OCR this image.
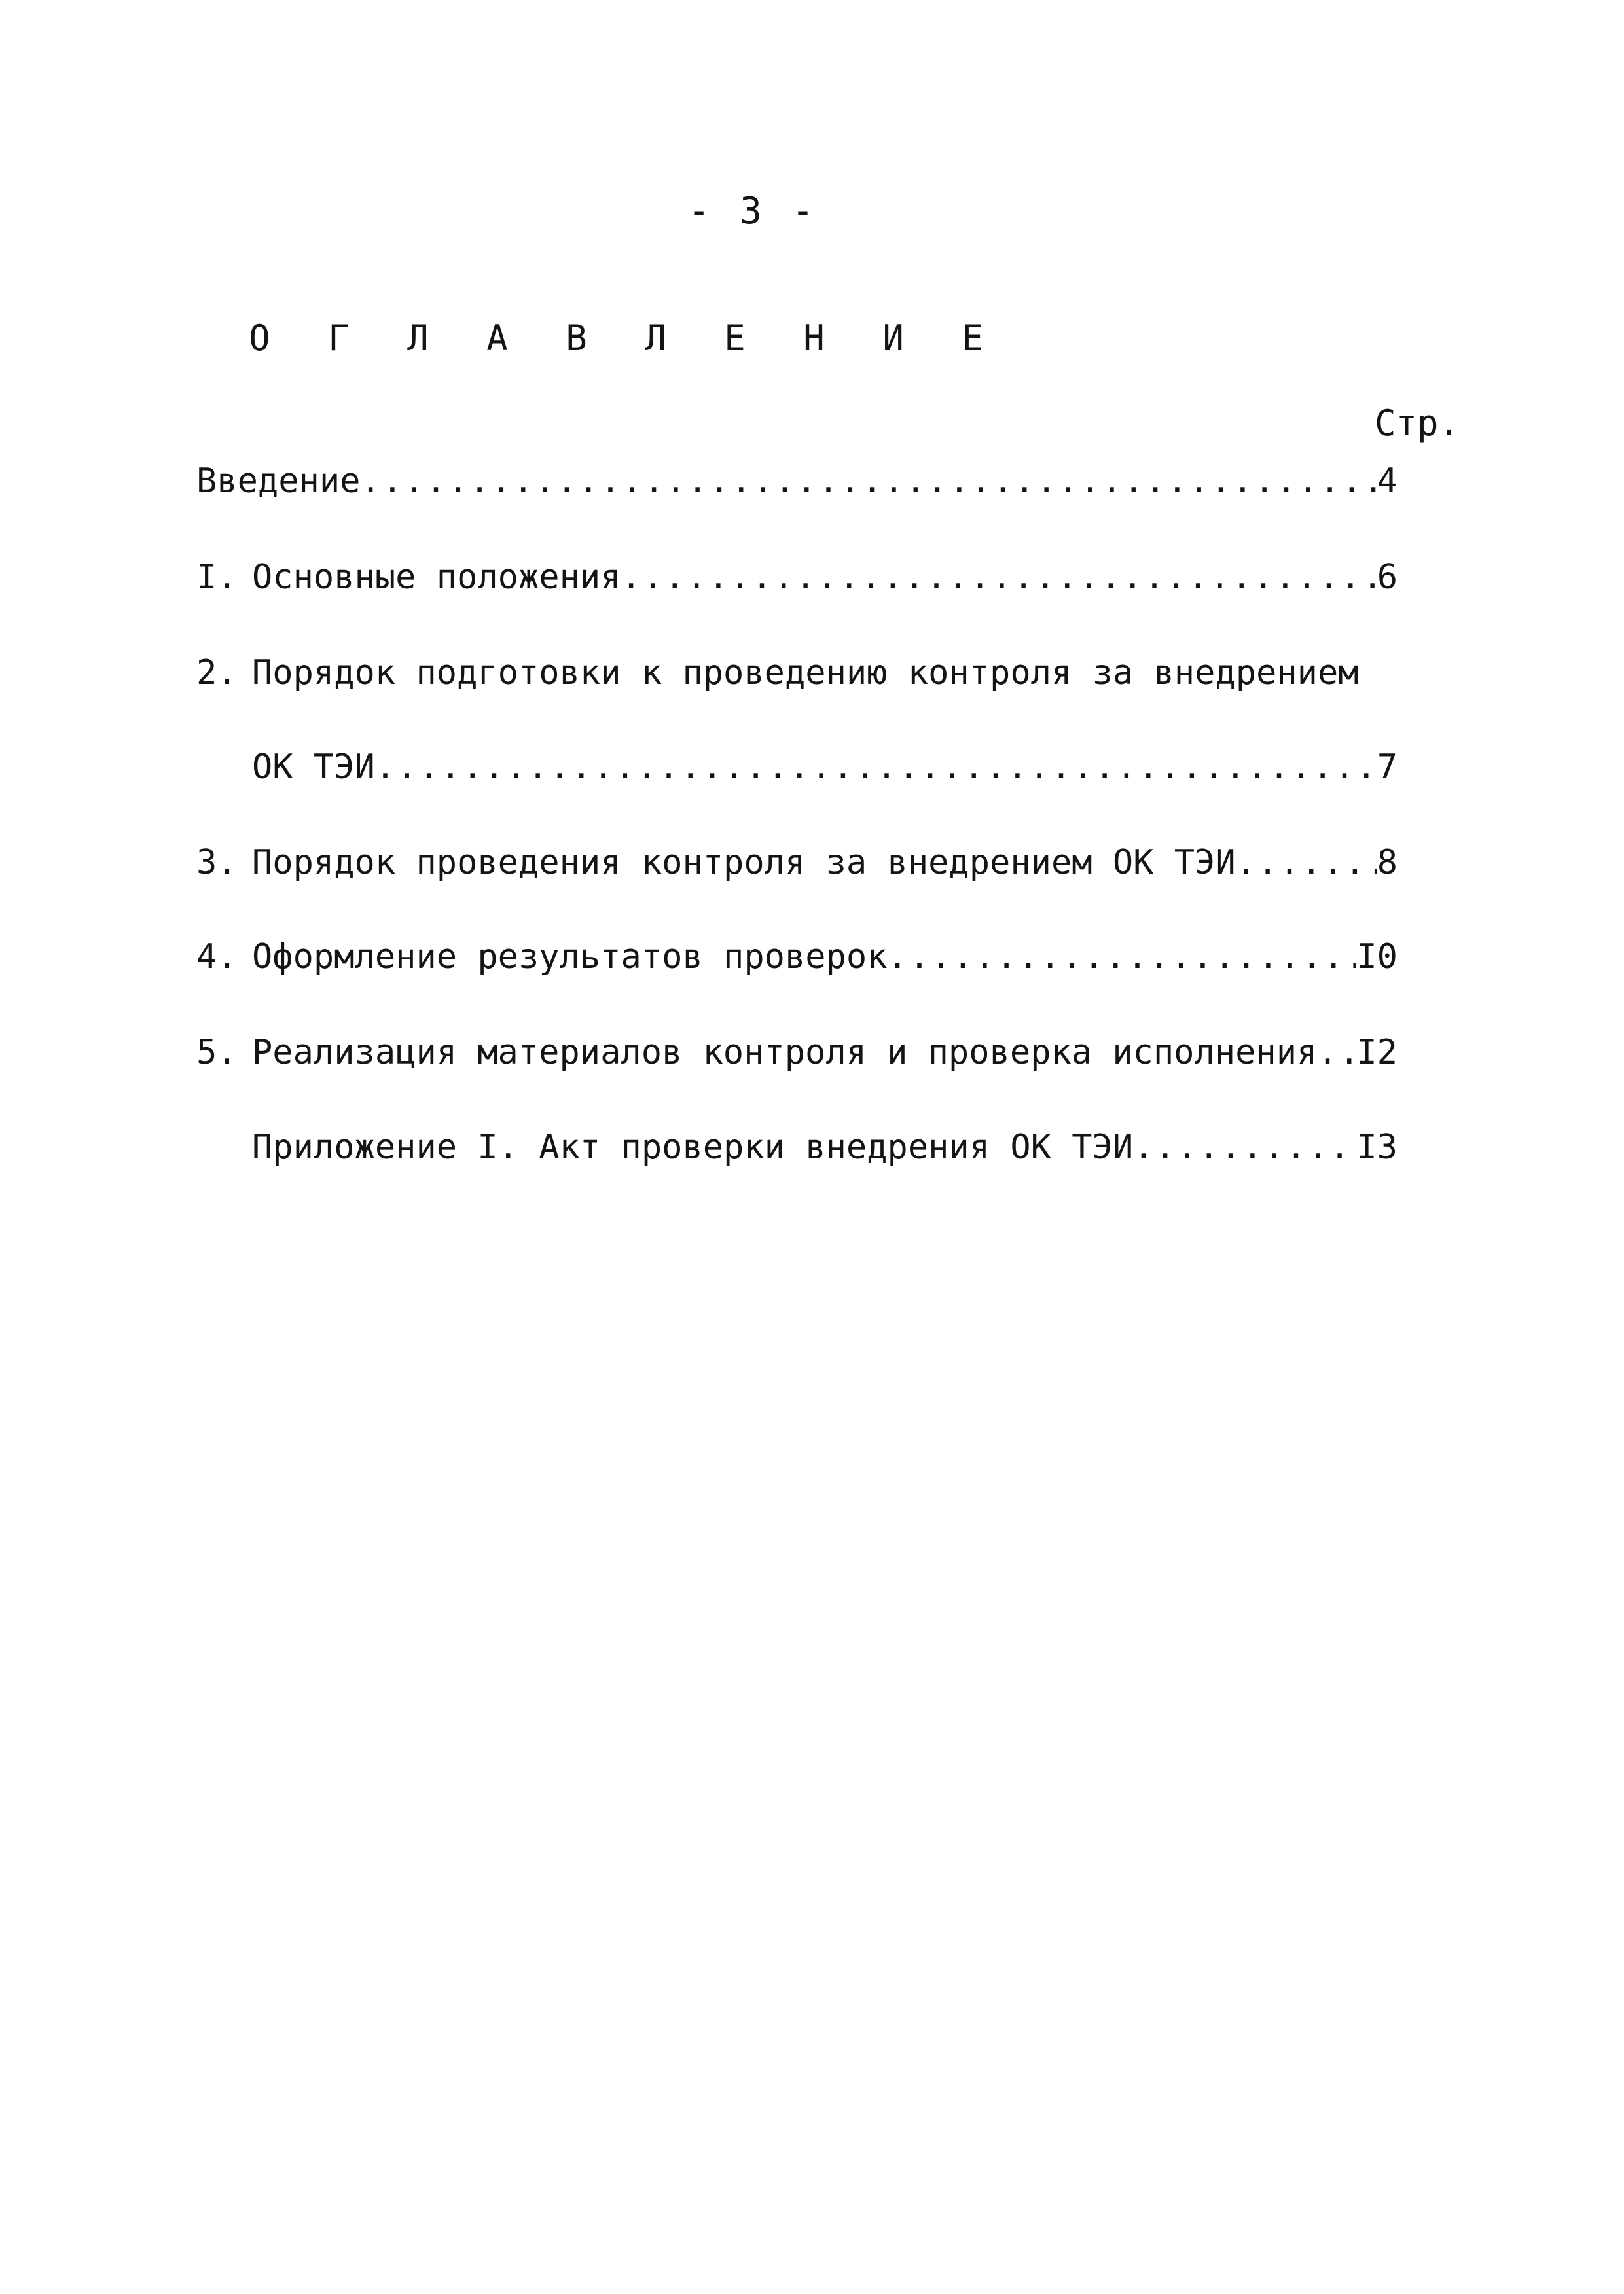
- 3 -
О Г Л А В Л Е Н И Е
Стр.
Введение .....	4
I. Основные положения .....	6
2. Порядок подготовки к проведению контроля за внедрением
ОК ТЭИ .....	7
3. Порядок проведения контроля за внедрением ОК ТЭИ .....	8
4. Оформление результатов проверок .....	I0
5. Реализация материалов контроля и проверка исполнения ..... I2
Приложение I. Акт проверки внедрения ОК ТЭИ .....	I3
